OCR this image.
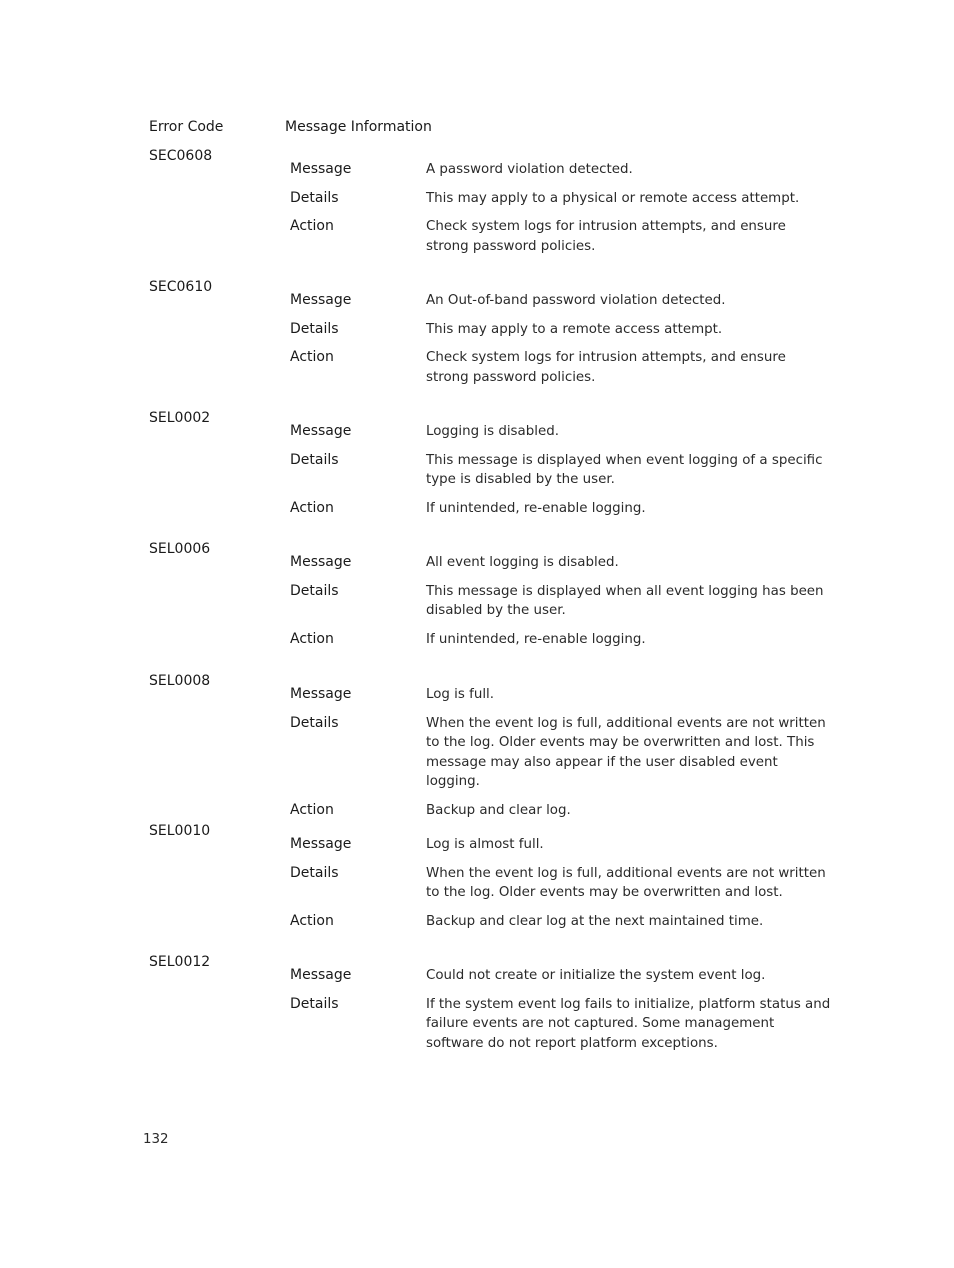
Error Code	Message Information
SEC0608
Message	A password violation detected.
Details	This may apply to a physical or remote access attempt.
Action	Check system logs for intrusion attempts, and ensure strong password policies.
SEC0610
Message	An Out-of-band password violation detected.
Details	This may apply to a remote access attempt.
Action	Check system logs for intrusion attempts, and ensure strong password policies.
SEL0002
Message	Logging is disabled.
Details	This message is displayed when event logging of a specific type is disabled by the user.
Action	If unintended, re-enable logging.
SEL0006
Message	All event logging is disabled.
Details	This message is displayed when all event logging has been disabled by the user.
Action	If unintended, re-enable logging.
SEL0008
Message	Log is full.
Details	When the event log is full, additional events are not written to the log. Older events may be overwritten and lost. This message may also appear if the user disabled event logging.
Action	Backup and clear log.
SEL0010
Message	Log is almost full.
Details	When the event log is full, additional events are not written to the log. Older events may be overwritten and lost.
Action	Backup and clear log at the next maintained time.
SEL0012
Message	Could not create or initialize the system event log.
Details	If the system event log fails to initialize, platform status and failure events are not captured. Some management software do not report platform exceptions.
132
